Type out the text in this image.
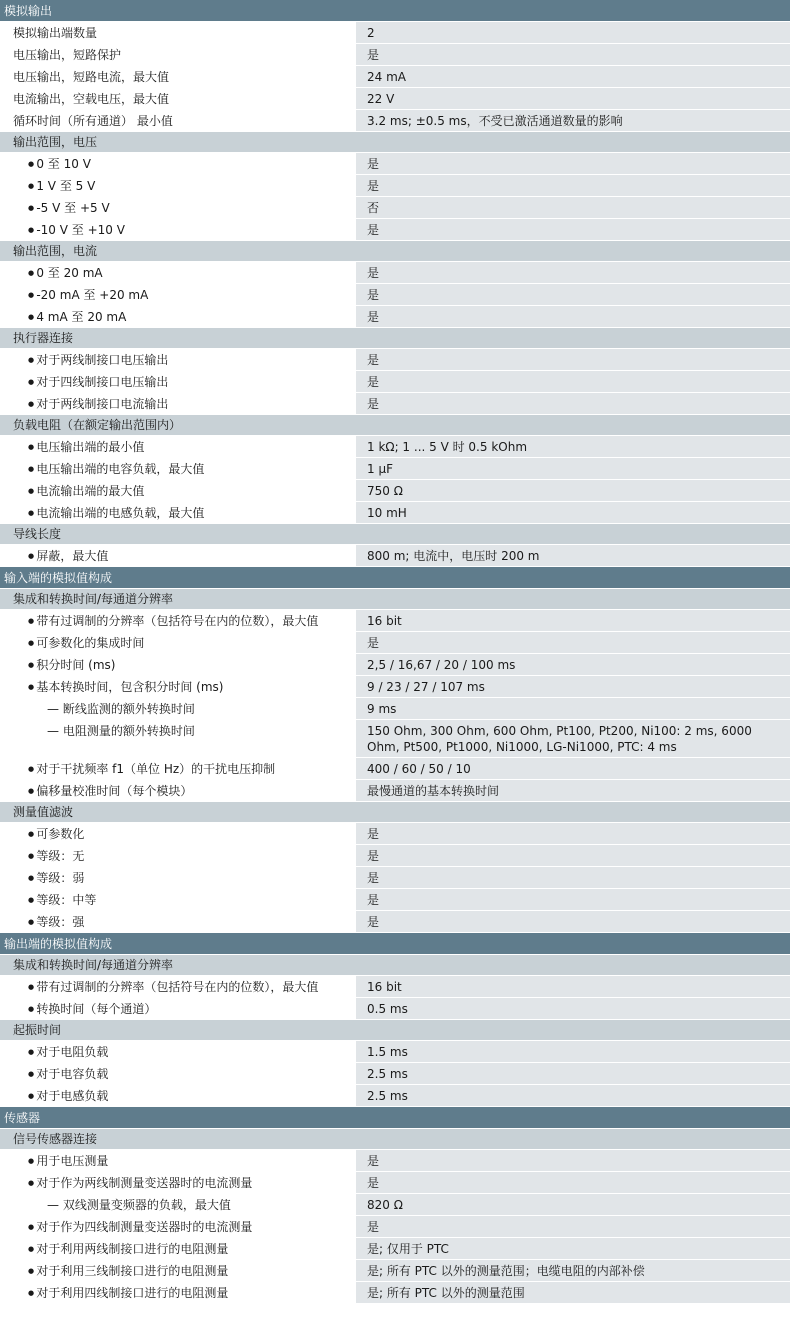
模拟输出
模拟输出端数量	2
电压输出，短路保护	是
电压输出，短路电流，最大值	24 mA
电流输出，空载电压，最大值	22 V
循环时间（所有通道） 最小值	3.2 ms; ±0.5 ms，不受已激活通道数量的影响
输出范围，电压
● 0 至 10 V	是
● 1 V 至 5 V	是
● -5 V 至 +5 V	否
● -10 V 至 +10 V	是
输出范围，电流
● 0 至 20 mA	是
● -20 mA 至 +20 mA	是
● 4 mA 至 20 mA	是
执行器连接
● 对于两线制接口电压输出	是
● 对于四线制接口电压输出	是
● 对于两线制接口电流输出	是
负载电阻（在额定输出范围内）
● 电压输出端的最小值	1 kΩ; 1 ... 5 V 时 0.5 kOhm
● 电压输出端的电容负载，最大值	1 μF
● 电流输出端的最大值	750 Ω
● 电流输出端的电感负载，最大值	10 mH
导线长度
● 屏蔽，最大值	800 m; 电流中，电压时 200 m
输入端的模拟值构成
集成和转换时间/每通道分辨率
● 带有过调制的分辨率（包括符号在内的位数），最大值	16 bit
● 可参数化的集成时间	是
● 积分时间 (ms)	2,5 / 16,67 / 20 / 100 ms
● 基本转换时间，包含积分时间 (ms)	9 / 23 / 27 / 107 ms
— 断线监测的额外转换时间	9 ms
— 电阻测量的额外转换时间	150 Ohm, 300 Ohm, 600 Ohm, Pt100, Pt200, Ni100: 2 ms, 6000 Ohm, Pt500, Pt1000, Ni1000, LG-Ni1000, PTC: 4 ms
● 对于干扰频率 f1（单位 Hz）的干扰电压抑制	400 / 60 / 50 / 10
● 偏移量校准时间（每个模块）	最慢通道的基本转换时间
测量值滤波
● 可参数化	是
● 等级：无	是
● 等级：弱	是
● 等级：中等	是
● 等级：强	是
输出端的模拟值构成
集成和转换时间/每通道分辨率
● 带有过调制的分辨率（包括符号在内的位数），最大值	16 bit
● 转换时间（每个通道）	0.5 ms
起振时间
● 对于电阻负载	1.5 ms
● 对于电容负载	2.5 ms
● 对于电感负载	2.5 ms
传感器
信号传感器连接
● 用于电压测量	是
● 对于作为两线制测量变送器时的电流测量	是
— 双线测量变频器的负载，最大值	820 Ω
● 对于作为四线制测量变送器时的电流测量	是
● 对于利用两线制接口进行的电阻测量	是; 仅用于 PTC
● 对于利用三线制接口进行的电阻测量	是; 所有 PTC 以外的测量范围；电缆电阻的内部补偿
● 对于利用四线制接口进行的电阻测量	是; 所有 PTC 以外的测量范围
